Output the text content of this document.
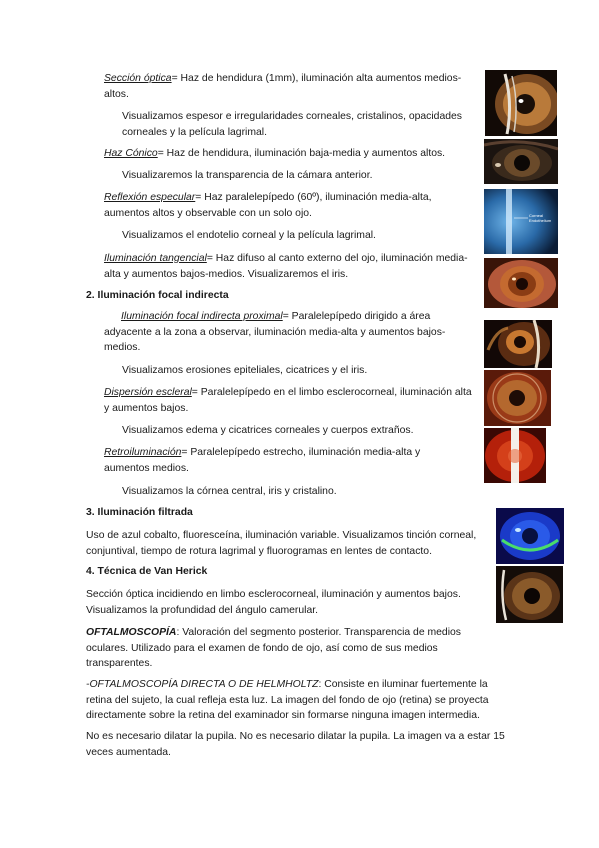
Sección óptica= Haz de hendidura (1mm), iluminación alta aumentos medios-altos.

Visualizamos espesor e irregularidades corneales, cristalinos, opacidades corneales y la película lagrimal.

Haz Cónico= Haz de hendidura, iluminación baja-media y aumentos altos.

Visualizaremos la transparencia de la cámara anterior.

Reflexión especular= Haz paralelepípedo (60º), iluminación media-alta, aumentos altos y observable con un solo ojo.

Visualizamos el endotelio corneal y la película lagrimal.

Iluminación tangencial= Haz difuso al canto externo del ojo, iluminación media-alta y aumentos bajos-medios. Visualizaremos el iris.

2. Iluminación focal indirecta

Iluminación focal indirecta proximal= Paralelepípedo dirigido a área adyacente a la zona a observar, iluminación media-alta y aumentos bajos-medios.

Visualizamos erosiones epiteliales, cicatrices y el iris.

Dispersión escleral= Paralelepípedo en el limbo esclerocorneal, iluminación alta y aumentos bajos.

Visualizamos edema y cicatrices corneales y cuerpos extraños.

Retroiluminación= Paralelepípedo estrecho, iluminación media-alta y aumentos medios.

Visualizamos la córnea central, iris y cristalino.

3. Iluminación filtrada

Uso de azul cobalto, fluoresceína, iluminación variable. Visualizamos tinción corneal, conjuntival, tiempo de rotura lagrimal y fluorogramas en lentes de contacto.

4. Técnica de Van Herick

Sección óptica incidiendo en limbo esclerocorneal, iluminación y aumentos bajos. Visualizamos la profundidad del ángulo camerular.

OFTALMOSCOPÍA: Valoración del segmento posterior. Transparencia de medios oculares. Utilizado para el examen de fondo de ojo, así como de sus medios transparentes.

-OFTALMOSCOPÍA DIRECTA O DE HELMHOLTZ: Consiste en iluminar fuertemente la retina del sujeto, la cual refleja esta luz. La imagen del fondo de ojo (retina) se proyecta directamente sobre la retina del examinador sin formarse ninguna imagen intermedia.

No es necesario dilatar la pupila. No es necesario dilatar la pupila. La imagen va a estar 15 veces aumentada.

Corneal
Endothelium
